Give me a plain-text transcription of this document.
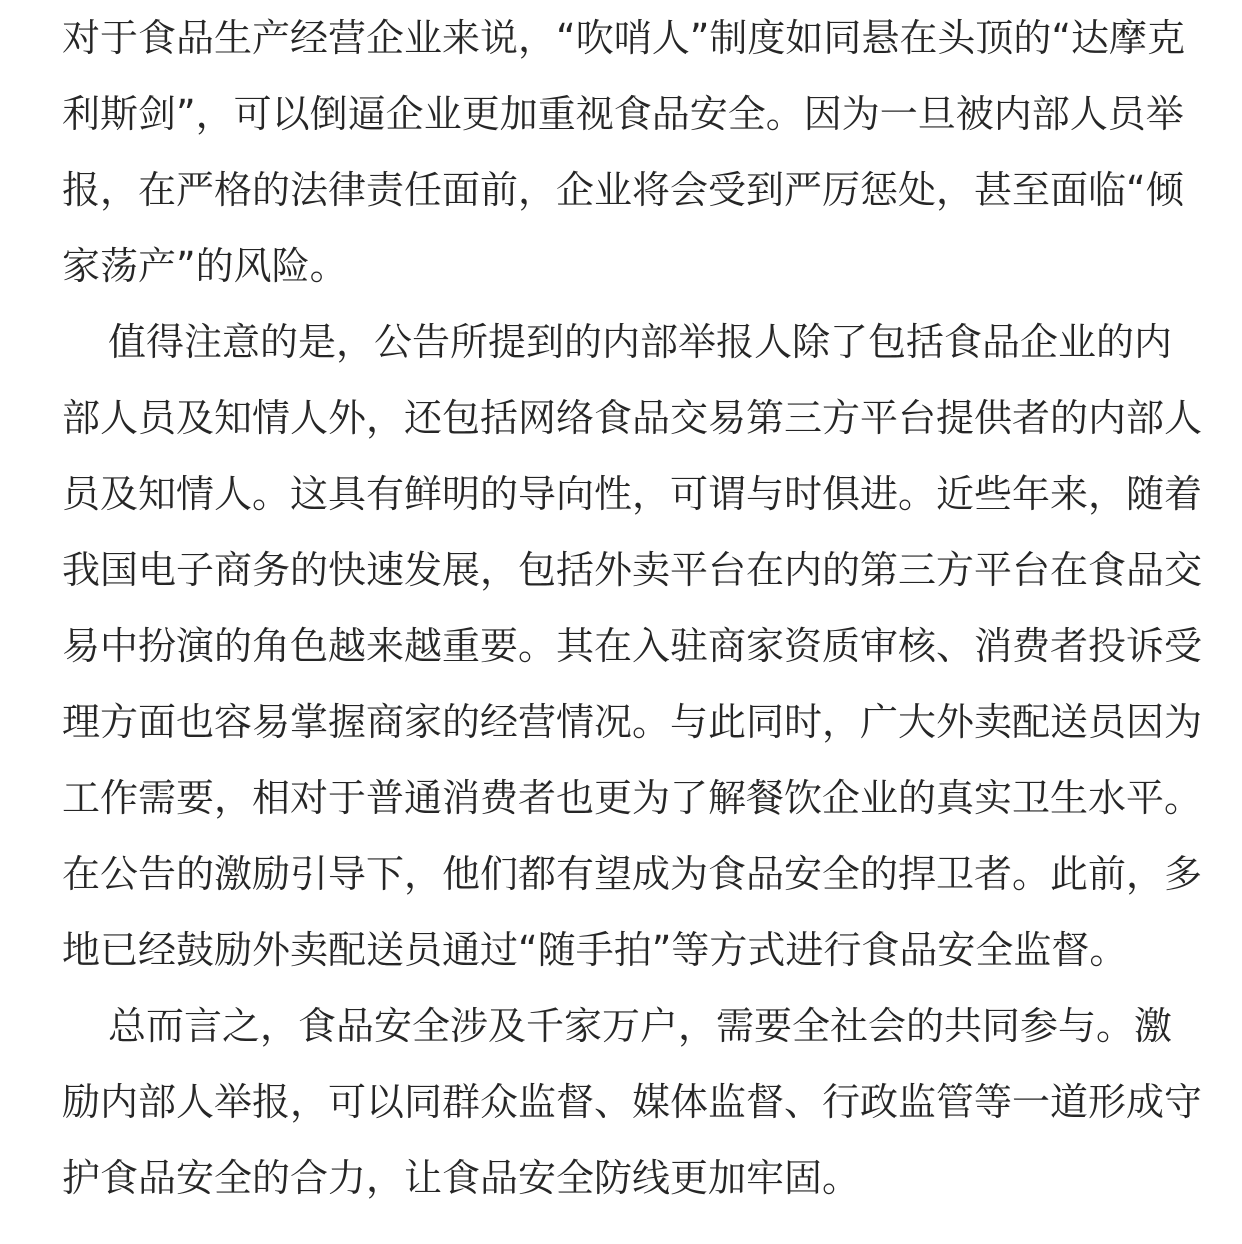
对于食品生产经营企业来说，“吹哨人”制度如同悬在头顶的“达摩克
利斯剑”，可以倒逼企业更加重视食品安全。因为一旦被内部人员举
报，在严格的法律责任面前，企业将会受到严厉惩处，甚至面临“倾
家荡产”的风险。
值得注意的是，公告所提到的内部举报人除了包括食品企业的内
部人员及知情人外，还包括网络食品交易第三方平台提供者的内部人
员及知情人。这具有鲜明的导向性，可谓与时俱进。近些年来，随着
我国电子商务的快速发展，包括外卖平台在内的第三方平台在食品交
易中扮演的角色越来越重要。其在入驻商家资质审核、消费者投诉受
理方面也容易掌握商家的经营情况。与此同时，广大外卖配送员因为
工作需要，相对于普通消费者也更为了解餐饮企业的真实卫生水平。
在公告的激励引导下，他们都有望成为食品安全的捍卫者。此前，多
地已经鼓励外卖配送员通过“随手拍”等方式进行食品安全监督。
总而言之，食品安全涉及千家万户，需要全社会的共同参与。激
励内部人举报，可以同群众监督、媒体监督、行政监管等一道形成守
护食品安全的合力，让食品安全防线更加牢固。
